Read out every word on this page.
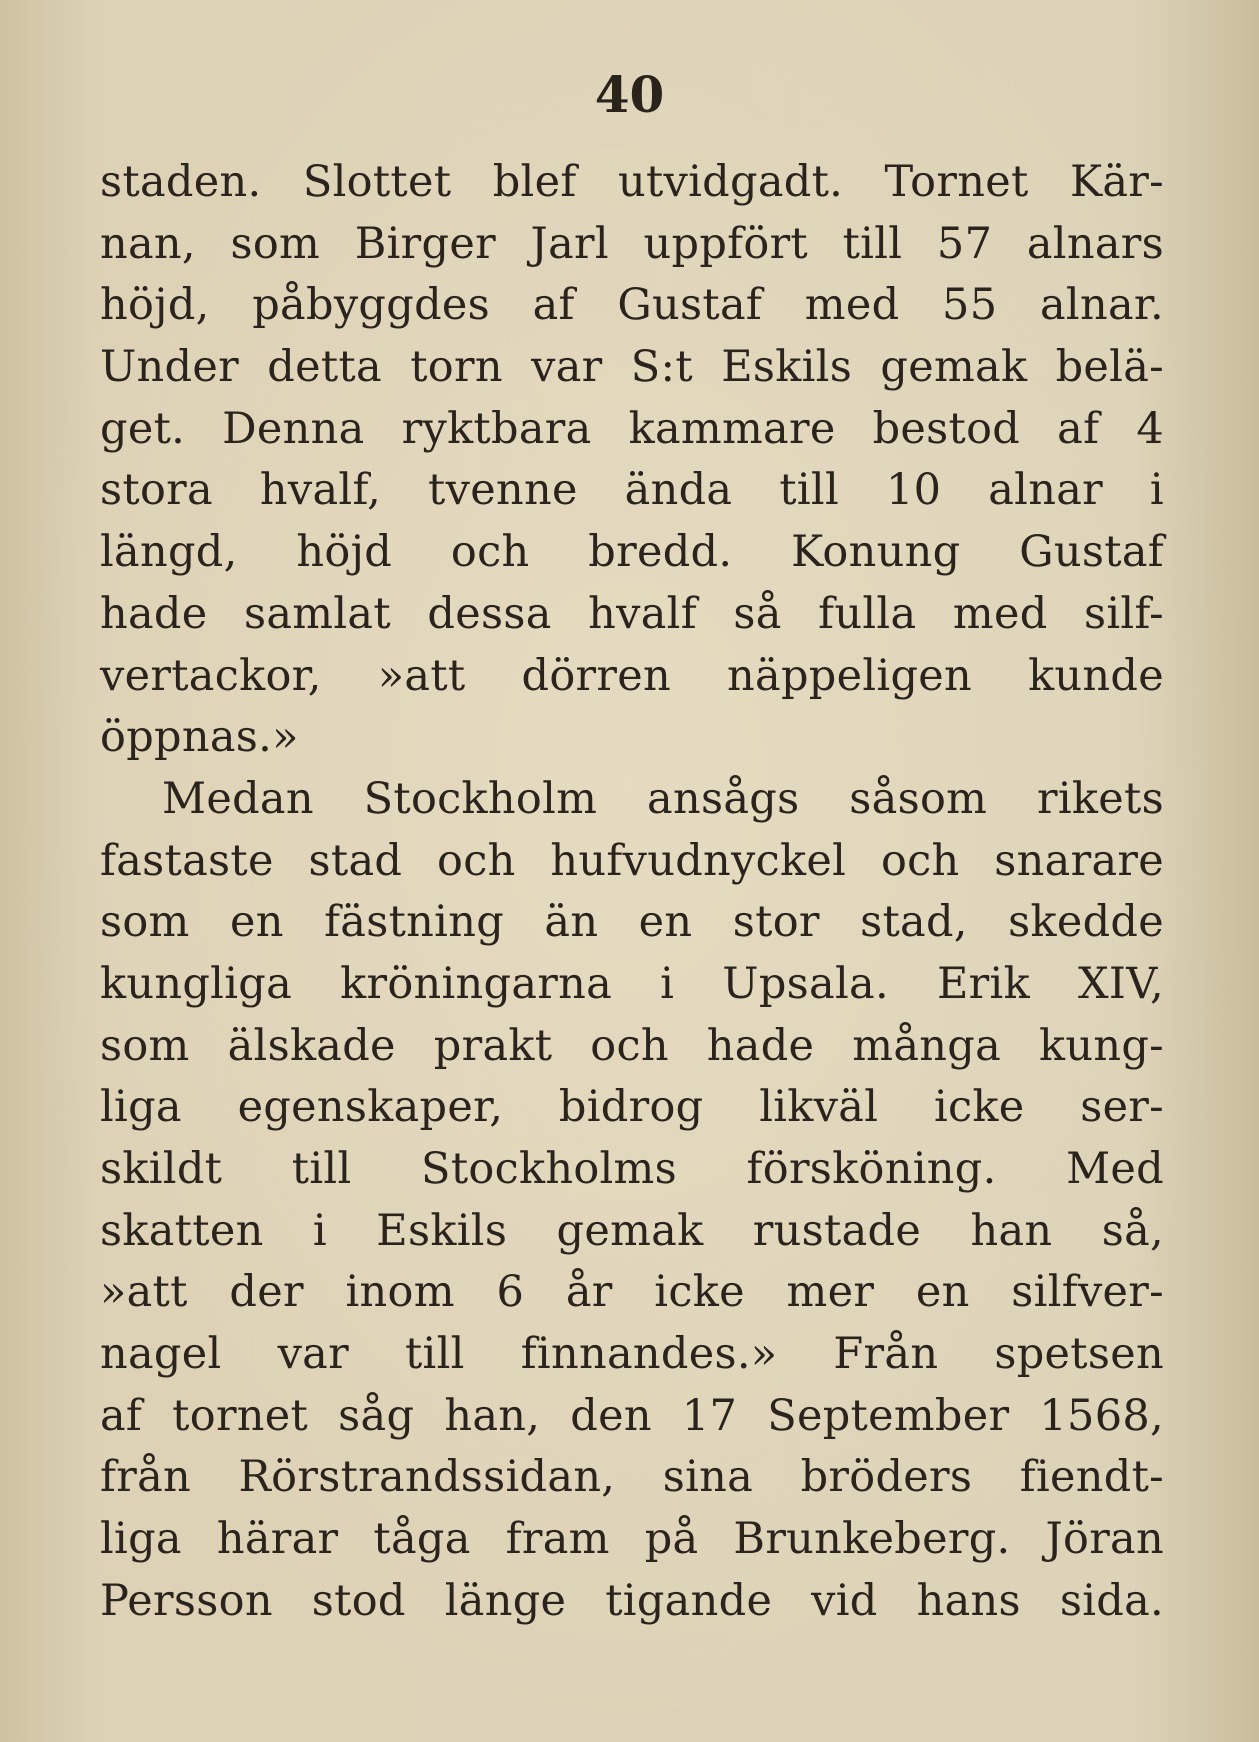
40
staden. Slottet blef utvidgadt. Tornet Kär-
nan, som Birger Jarl uppfört till 57 alnars
höjd, påbyggdes af Gustaf med 55 alnar.
Under detta torn var S:t Eskils gemak belä-
get. Denna ryktbara kammare bestod af 4
stora hvalf, tvenne ända till 10 alnar i
längd, höjd och bredd. Konung Gustaf
hade samlat dessa hvalf så fulla med silf-
vertackor, »att dörren näppeligen kunde
öppnas.»
Medan Stockholm ansågs såsom rikets
fastaste stad och hufvudnyckel och snarare
som en fästning än en stor stad, skedde
kungliga kröningarna i Upsala. Erik XIV,
som älskade prakt och hade många kung-
liga egenskaper, bidrog likväl icke ser-
skildt till Stockholms försköning. Med
skatten i Eskils gemak rustade han så,
»att der inom 6 år icke mer en silfver-
nagel var till finnandes.» Från spetsen
af tornet såg han, den 17 September 1568,
från Rörstrandssidan, sina bröders fiendt-
liga härar tåga fram på Brunkeberg. Jöran
Persson stod länge tigande vid hans sida.
